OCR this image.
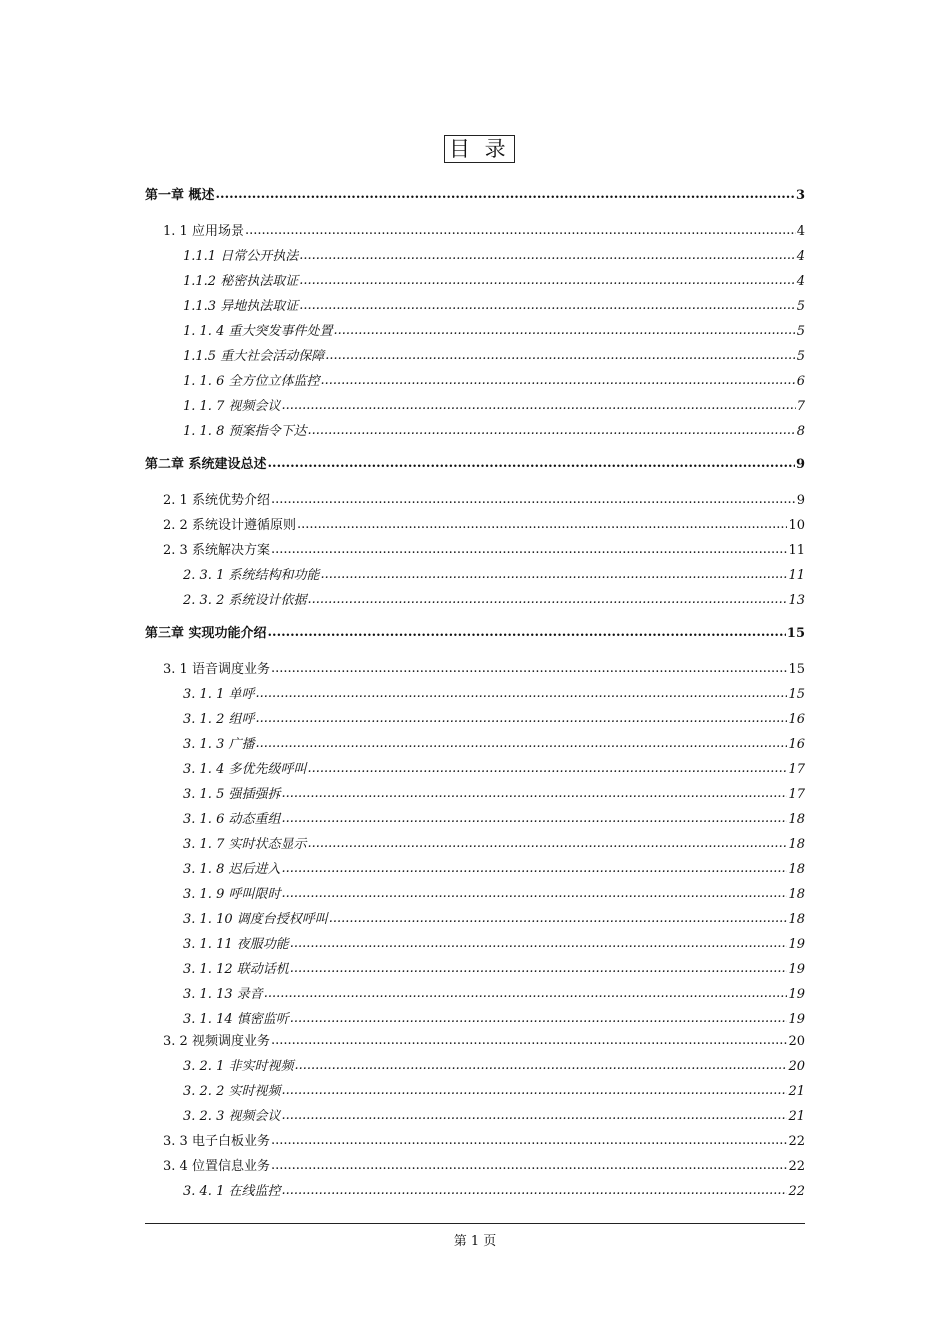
目 录
第一章 概述 .....	3
1. 1 应用场景 .....	4
1.1.1 日常公开执法 .....	4
1.1.2 秘密执法取证 .....	4
1.1.3 异地执法取证 .....	5
1. 1. 4 重大突发事件处置 .....	5
1.1.5 重大社会活动保障 .....	5
1. 1. 6 全方位立体监控 .....	6
1. 1. 7 视频会议 .....	7
1. 1. 8 预案指令下达 .....	8
第二章 系统建设总述 .....	9
2. 1 系统优势介绍 .....	9
2. 2 系统设计遵循原则 .....	10
2. 3 系统解决方案 .....	11
2. 3. 1 系统结构和功能 .....	11
2. 3. 2 系统设计依据 .....	13
第三章 实现功能介绍 .....	15
3. 1 语音调度业务 .....	15
3. 1. 1 单呼 .....	15
3. 1. 2 组呼 .....	16
3. 1. 3 广播 .....	16
3. 1. 4 多优先级呼叫 .....	17
3. 1. 5 强插强拆 .....	17
3. 1. 6 动态重组 .....	18
3. 1. 7 实时状态显示 .....	18
3. 1. 8 迟后进入 .....	18
3. 1. 9 呼叫限时 .....	18
3. 1. 10 调度台授权呼叫 .....	18
3. 1. 11 夜服功能 .....	19
3. 1. 12 联动话机 .....	19
3. 1. 13 录音 .....	19
3. 1. 14 慎密监听 .....	19
3. 2 视频调度业务 .....	20
3. 2. 1 非实时视频 .....	20
3. 2. 2 实时视频 .....	21
3. 2. 3 视频会议 .....	21
3. 3 电子白板业务 .....	22
3. 4 位置信息业务 .....	22
3. 4. 1 在线监控 .....	22
第 1 页
